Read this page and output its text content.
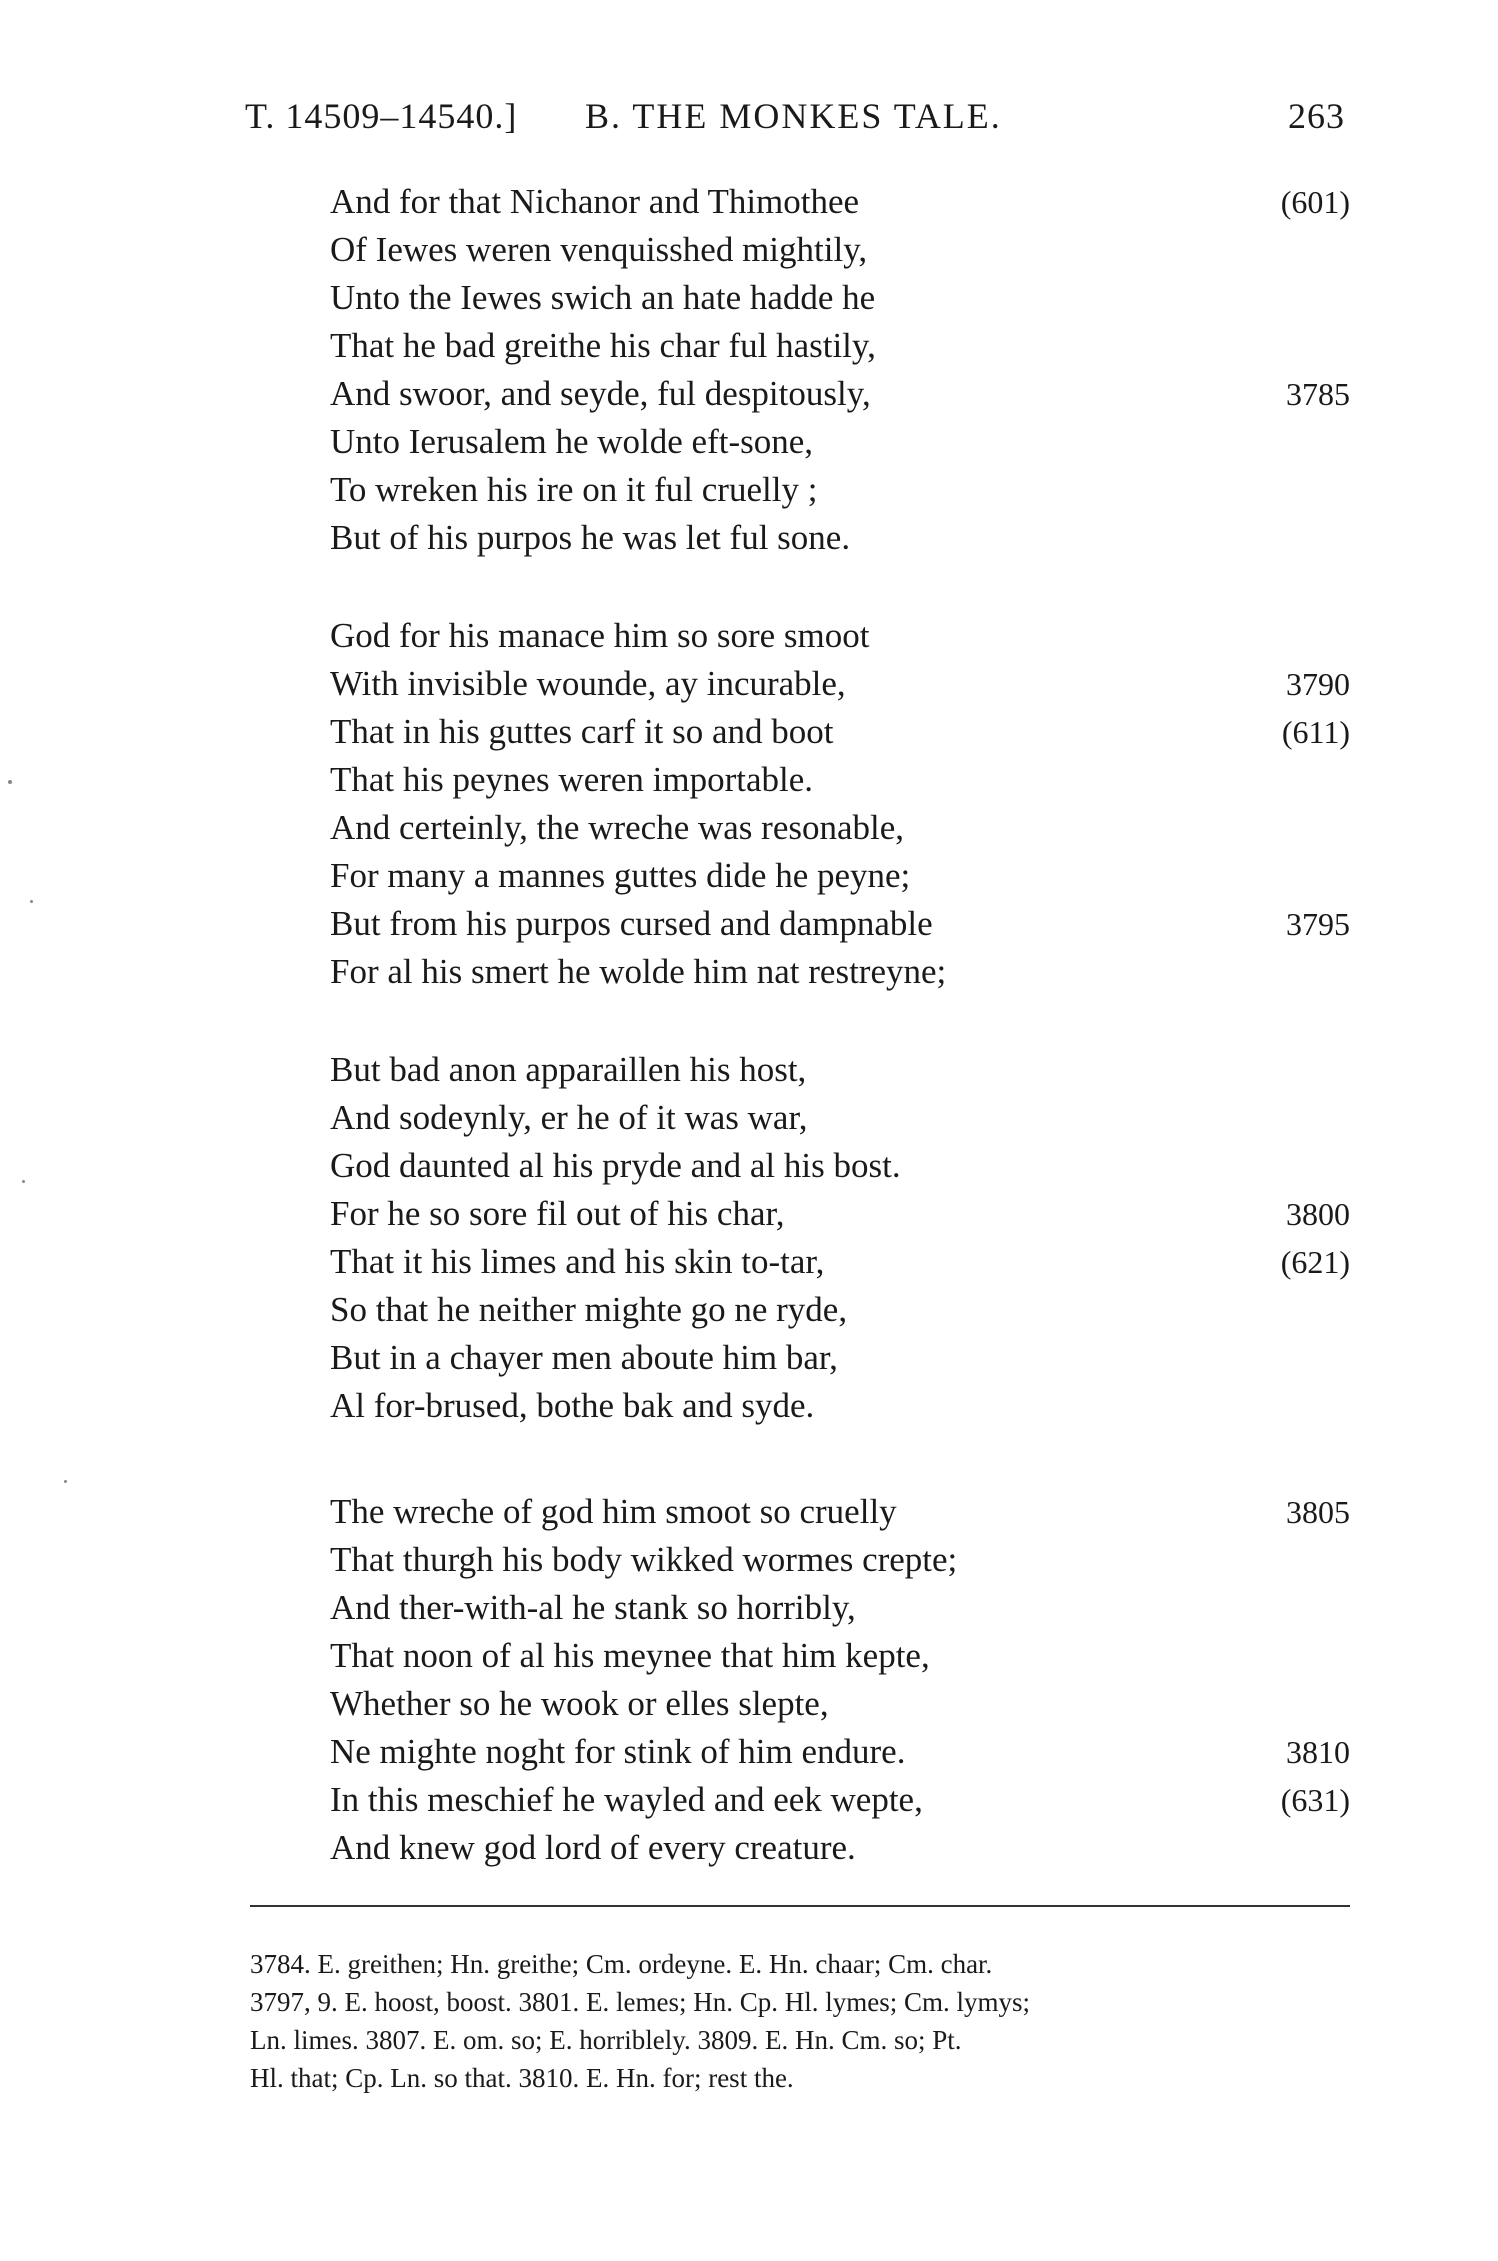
T. 14509–14540.] B. THE MONKES TALE.	263
And for that Nichanor and Thimothee	(601)
Of Iewes weren venquisshed mightily,
Unto the Iewes swich an hate hadde he
That he bad greithe his char ful hastily,
And swoor, and seyde, ful despitously,	3785
Unto Ierusalem he wolde eft-sone,
To wreken his ire on it ful cruelly ;
But of his purpos he was let ful sone.
God for his manace him so sore smoot
With invisible wounde, ay incurable,	3790
That in his guttes carf it so and boot	(611)
That his peynes weren importable.
And certeinly, the wreche was resonable,
For many a mannes guttes dide he peyne;
But from his purpos cursed and dampnable	3795
For al his smert he wolde him nat restreyne;
But bad anon apparaillen his host,
And sodeynly, er he of it was war,
God daunted al his pryde and al his bost.
For he so sore fil out of his char,	3800
That it his limes and his skin to-tar,	(621)
So that he neither mighte go ne ryde,
But in a chayer men aboute him bar,
Al for-brused, bothe bak and syde.
The wreche of god him smoot so cruelly	3805
That thurgh his body wikked wormes crepte;
And ther-with-al he stank so horribly,
That noon of al his meynee that him kepte,
Whether so he wook or elles slepte,
Ne mighte noght for stink of him endure.	3810
In this meschief he wayled and eek wepte,	(631)
And knew god lord of every creature.

3784. E. greithen; Hn. greithe; Cm. ordeyne. E. Hn. chaar; Cm. char.

3797, 9. E. hoost, boost. 3801. E. lemes; Hn. Cp. Hl. lymes; Cm. lymys;

Ln. limes. 3807. E. om. so; E. horriblely. 3809. E. Hn. Cm. so; Pt.

Hl. that; Cp. Ln. so that. 3810. E. Hn. for; rest the.
